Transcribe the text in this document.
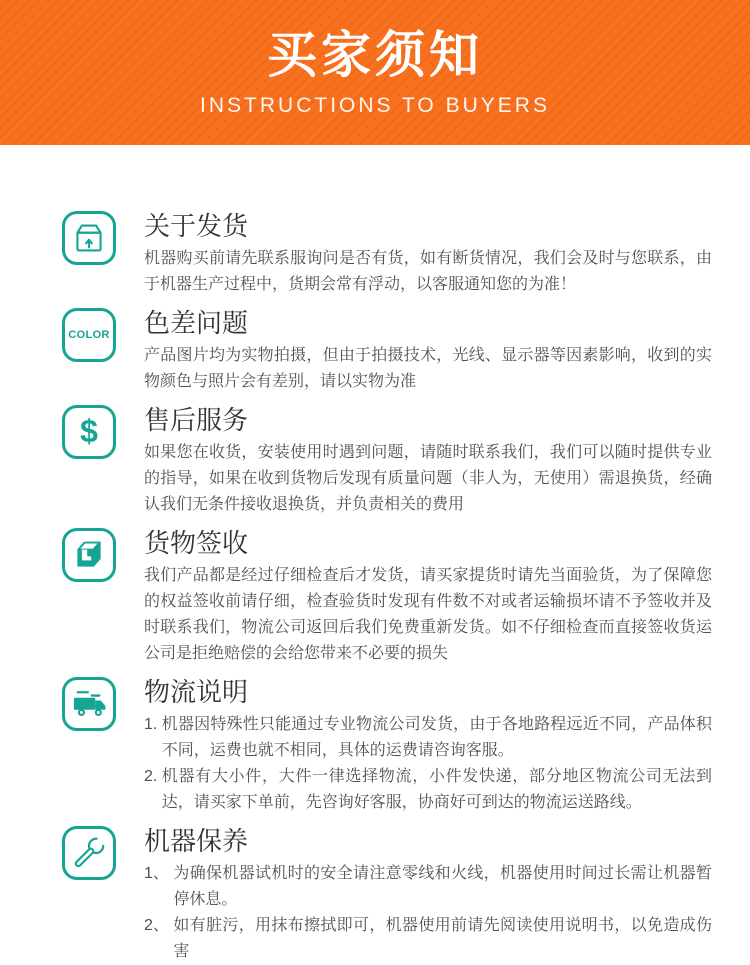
买家须知
INSTRUCTIONS TO BUYERS
关于发货
机器购买前请先联系服询问是否有货，如有断货情况，我们会及时与您联系，由于机器生产过程中，货期会常有浮动，以客服通知您的为准！
COLOR 色差问题
产品图片均为实物拍摄，但由于拍摄技术，光线、显示器等因素影响，收到的实物颜色与照片会有差别，请以实物为准
$ 售后服务
如果您在收货，安装使用时遇到问题，请随时联系我们，我们可以随时提供专业的指导，如果在收到货物后发现有质量问题（非人为，无使用）需退换货，经确认我们无条件接收退换货，并负责相关的费用
货物签收
我们产品都是经过仔细检查后才发货，请买家提货时请先当面验货，为了保障您的权益签收前请仔细，检查验货时发现有件数不对或者运输损坏请不予签收并及时联系我们，物流公司返回后我们免费重新发货。如不仔细检查而直接签收货运公司是拒绝赔偿的会给您带来不必要的损失
物流说明
1. 机器因特殊性只能通过专业物流公司发货，由于各地路程远近不同，产品体积不同，运费也就不相同，具体的运费请咨询客服。
2. 机器有大小件，大件一律选择物流，小件发快递，部分地区物流公司无法到达，请买家下单前，先咨询好客服，协商好可到达的物流运送路线。
机器保养
1、 为确保机器试机时的安全请注意零线和火线，机器使用时间过长需让机器暂停休息。
2、 如有脏污，用抹布擦拭即可，机器使用前请先阅读使用说明书，以免造成伤害
